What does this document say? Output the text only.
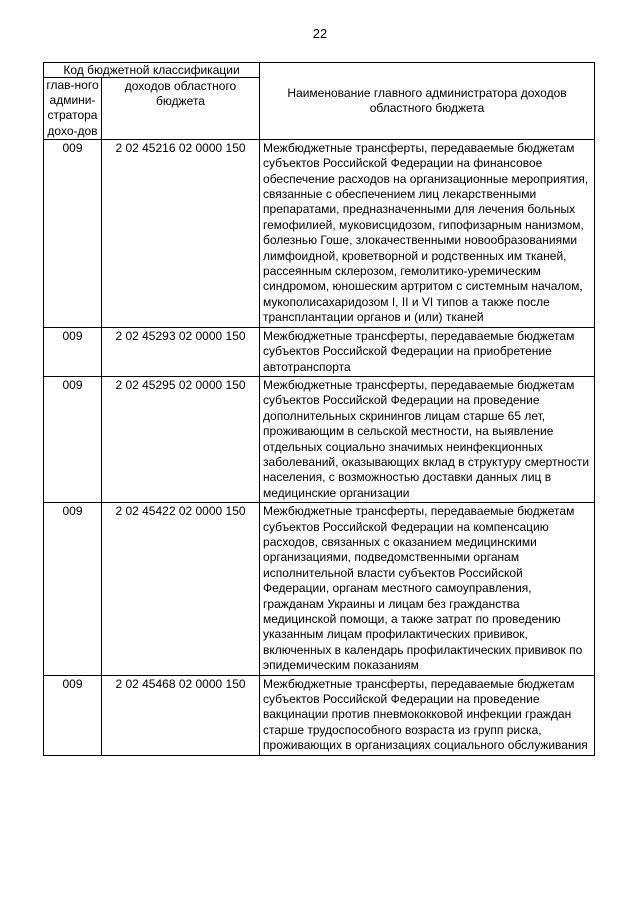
22
Код бюджетной классификации		Наименование главного администратора доходов областного бюджета
глав-ного админи-стратора дохо-дов	доходов областного бюджета	
009	2 02 45216 02 0000 150	Межбюджетные трансферты, передаваемые бюджетам субъектов Российской Федерации на финансовое обеспечение расходов на организационные мероприятия, связанные с обеспечением лиц лекарственными препаратами, предназначенными для лечения больных гемофилией, муковисцидозом, гипофизарным нанизмом, болезнью Гоше, злокачественными новообразованиями лимфоидной, кроветворной и родственных им тканей, рассеянным склерозом, гемолитико-уремическим синдромом, юношеским артритом с системным началом, мукополисахаридозом I, II и VI типов а также после трансплантации органов и (или) тканей
009	2 02 45293 02 0000 150	Межбюджетные трансферты, передаваемые бюджетам субъектов Российской Федерации на приобретение автотранспорта
009	2 02 45295 02 0000 150	Межбюджетные трансферты, передаваемые бюджетам субъектов Российской Федерации на проведение дополнительных скринингов лицам старше 65 лет, проживающим в сельской местности, на выявление отдельных социально значимых неинфекционных заболеваний, оказывающих вклад в структуру смертности населения, с возможностью доставки данных лиц в медицинские организации
009	2 02 45422 02 0000 150	Межбюджетные трансферты, передаваемые бюджетам субъектов Российской Федерации на компенсацию расходов, связанных с оказанием медицинскими организациями, подведомственными органам исполнительной власти субъектов Российской Федерации, органам местного самоуправления, гражданам Украины и лицам без гражданства медицинской помощи, а также затрат по проведению указанным лицам профилактических прививок, включенных в календарь профилактических прививок по эпидемическим показаниям
009	2 02 45468 02 0000 150	Межбюджетные трансферты, передаваемые бюджетам субъектов Российской Федерации на проведение вакцинации против пневмококковой инфекции граждан старше трудоспособного возраста из групп риска, проживающих в организациях социального обслуживания
